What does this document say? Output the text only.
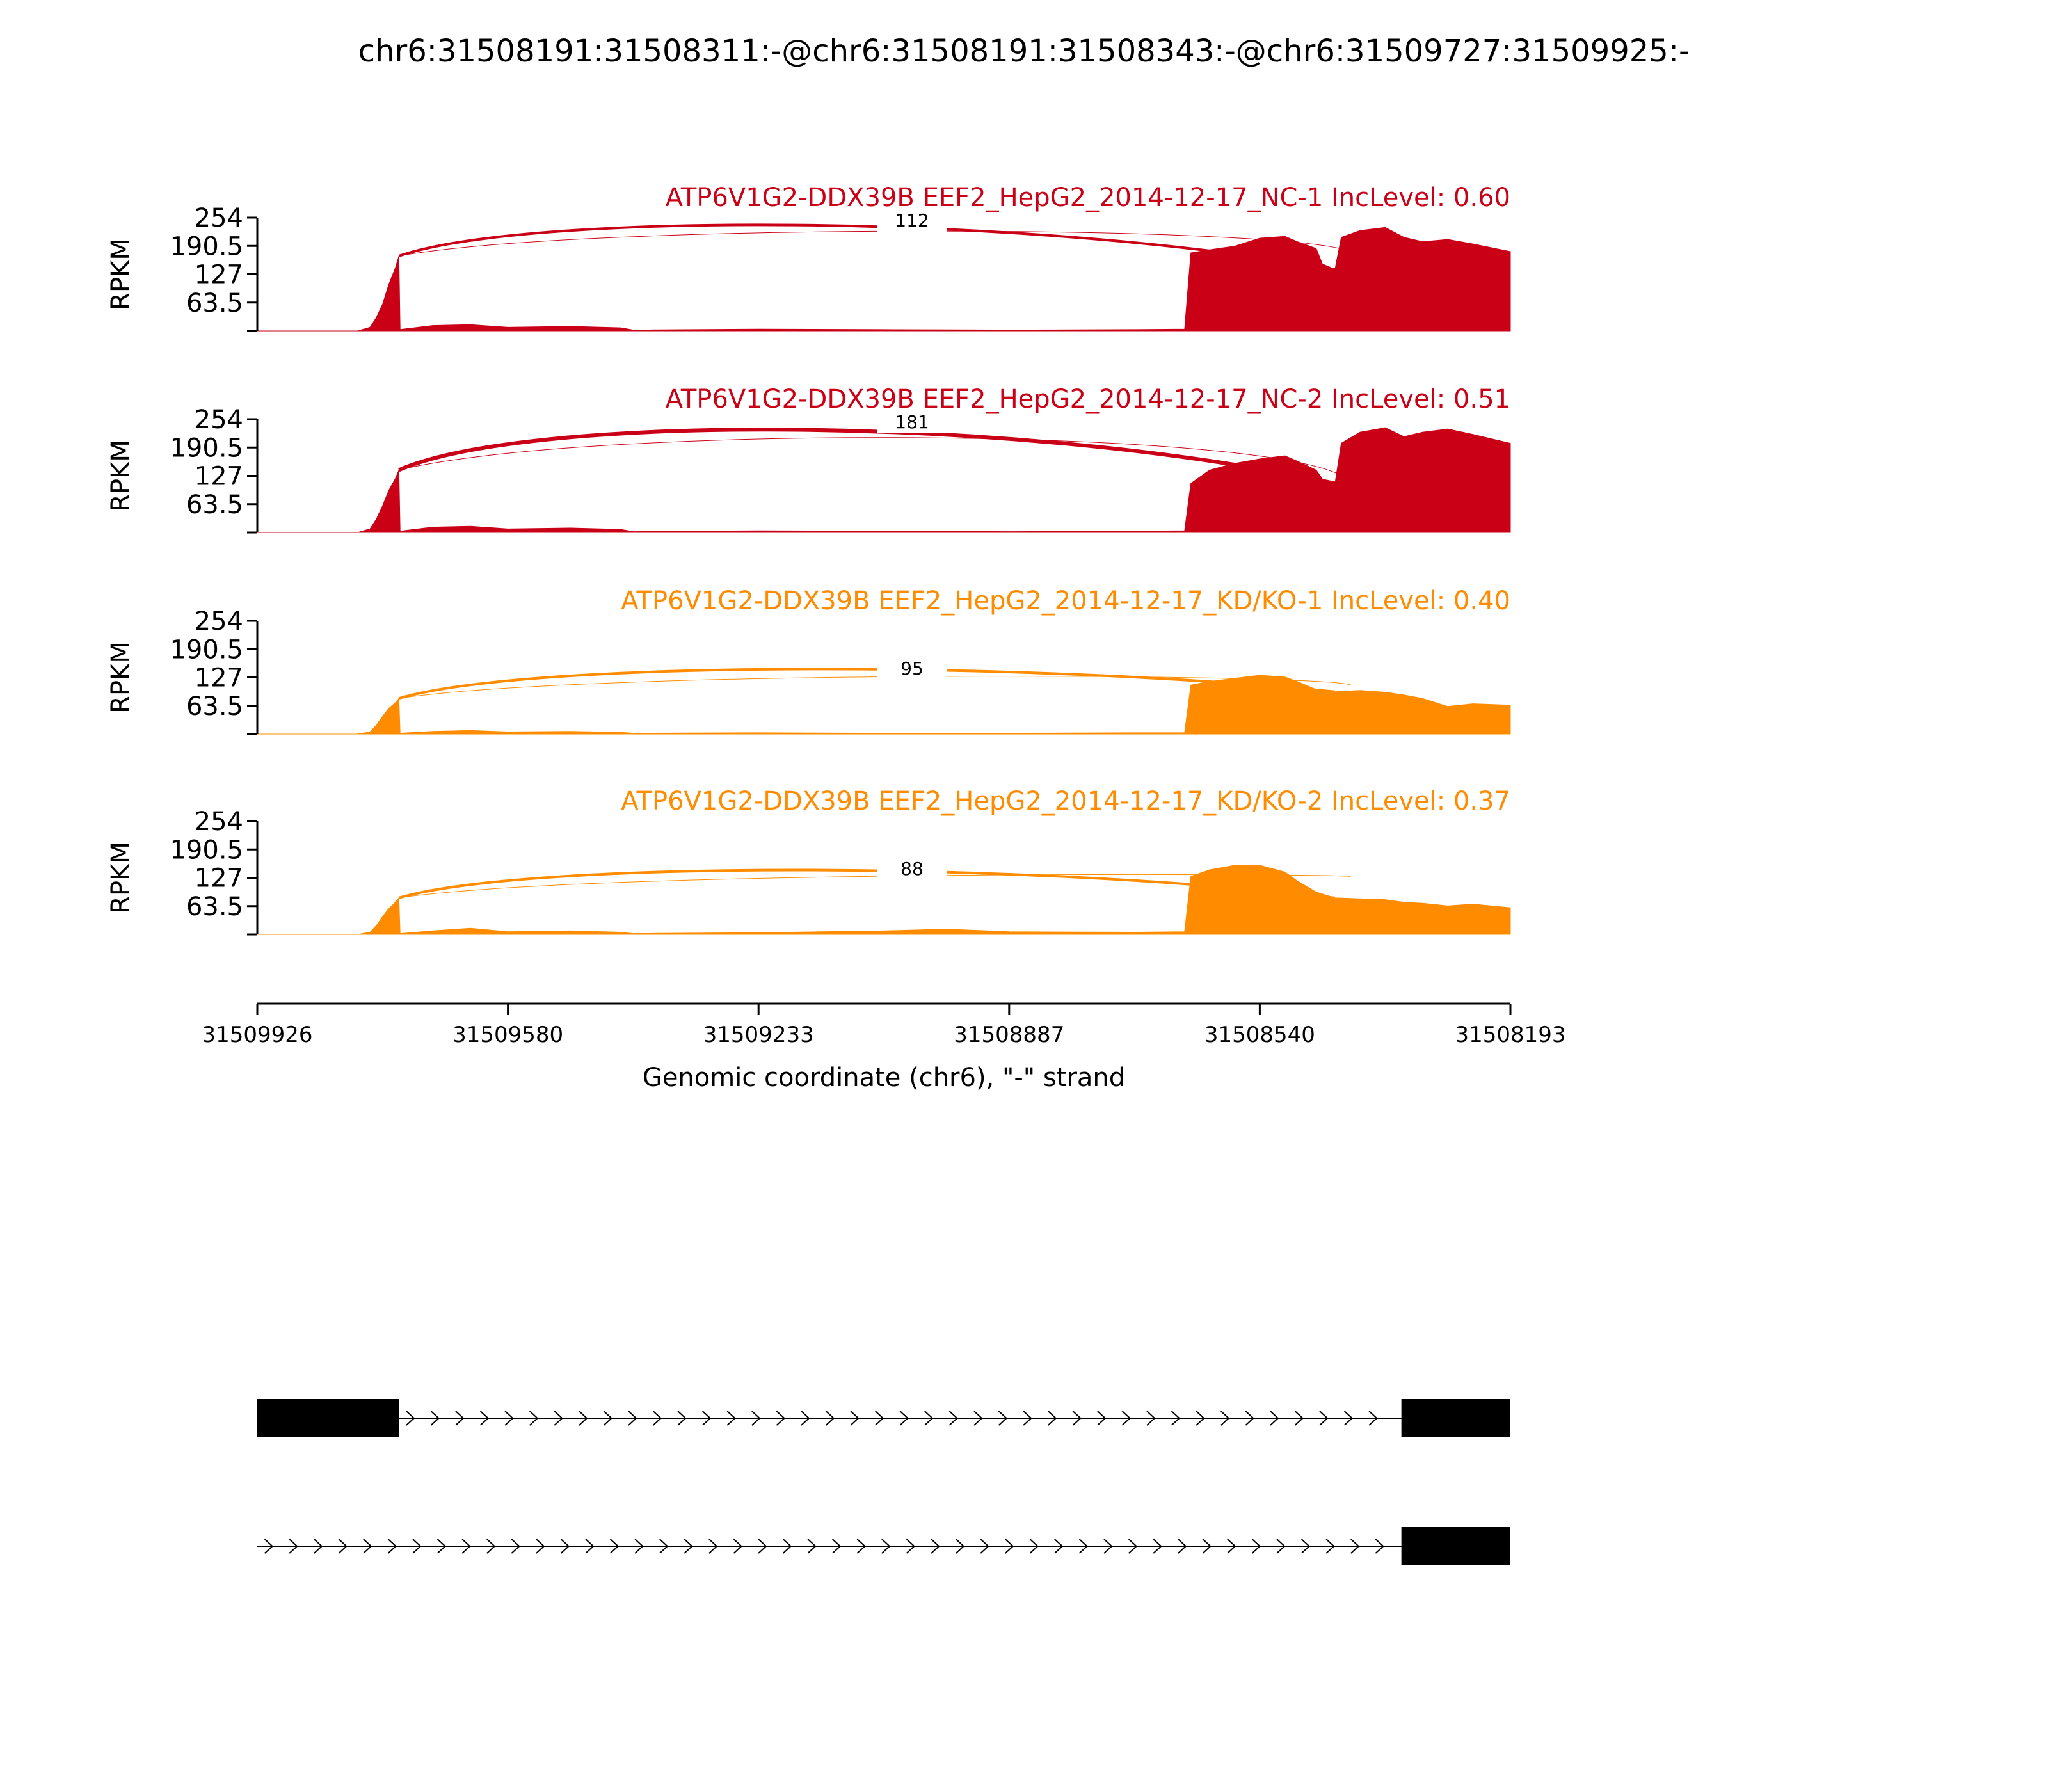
chr6:31508191:31508311:-@chr6:31508191:31508343:-@chr6:31509727:31509925:-
112
63.5
127
190.5
254
RPKM
ATP6V1G2-DDX39B EEF2_HepG2_2014-12-17_NC-1 IncLevel: 0.60
181
63.5
127
190.5
254
RPKM
ATP6V1G2-DDX39B EEF2_HepG2_2014-12-17_NC-2 IncLevel: 0.51
95
63.5
127
190.5
254
RPKM
ATP6V1G2-DDX39B EEF2_HepG2_2014-12-17_KD/KO-1 IncLevel: 0.40
88
63.5
127
190.5
254
RPKM
ATP6V1G2-DDX39B EEF2_HepG2_2014-12-17_KD/KO-2 IncLevel: 0.37
31509926	31509580	31509233	31508887	31508540	31508193
Genomic coordinate (chr6), "-" strand
